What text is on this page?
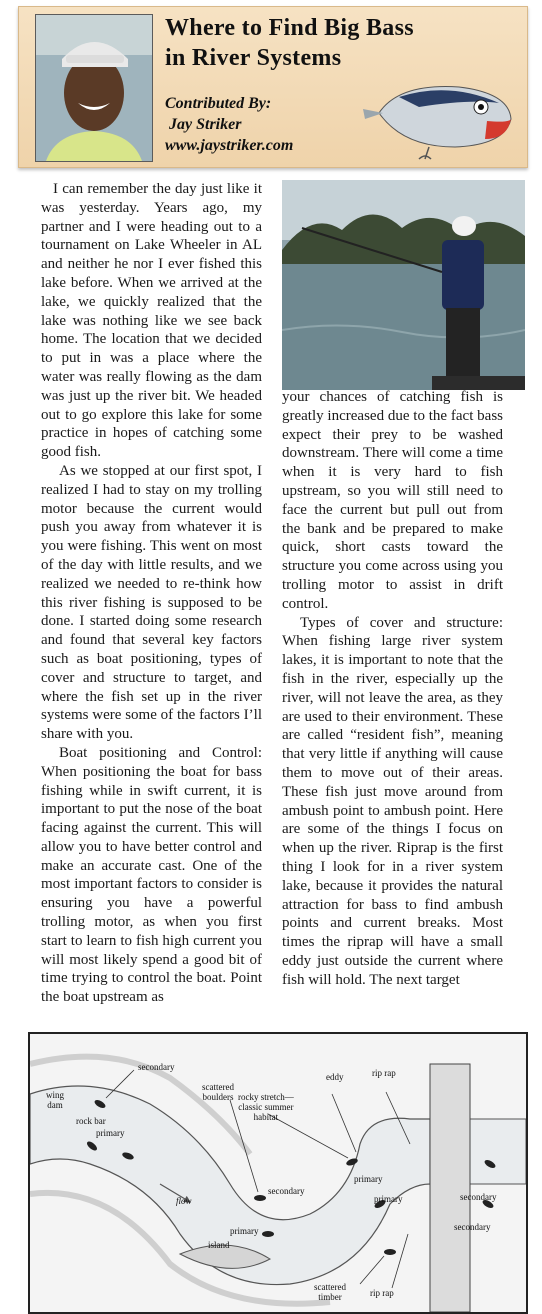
Where to Find Big Bass
in River Systems
Contributed By:
Jay Striker
www.jaystriker.com

I can remember the day just like it was yesterday. Years ago, my partner and I were heading out to a tournament on Lake Wheeler in AL and neither he nor I ever fished this lake before. When we arrived at the lake, we quickly realized that the lake was nothing like we see back home. The location that we decided to put in was a place where the water was really flowing as the dam was just up the river bit. We headed out to go explore this lake for some practice in hopes of catching some good fish.

As we stopped at our first spot, I realized I had to stay on my trolling motor because the current would push you away from whatever it is you were fishing. This went on most of the day with little results, and we realized we needed to re-think how this river fishing is supposed to be done. I started doing some research and found that several key factors such as boat positioning, types of cover and structure to target, and where the fish set up in the river systems were some of the factors I’ll share with you.

Boat positioning and Control: When positioning the boat for bass fishing while in swift current, it is important to put the nose of the boat facing against the current. This will allow you to have better control and make an accurate cast. One of the most important factors to consider is ensuring you have a powerful trolling motor, as when you first start to learn to fish high current you will most likely spend a good bit of time trying to control the boat. Point the boat upstream as

your chances of catching fish is greatly increased due to the fact bass expect their prey to be washed downstream. There will come a time when it is very hard to fish upstream, so you will still need to face the current but pull out from the bank and be prepared to make quick, short casts toward the structure you come across using you trolling motor to assist in drift control.

Types of cover and structure: When fishing large river system lakes, it is important to note that the fish in the river, especially up the river, will not leave the area, as they are used to their environment. These are called “resident fish”, meaning that very little if anything will cause them to move out of their areas. These fish just move around from ambush point to ambush point. Here are some of the things I focus on when up the river. Riprap is the first thing I look for in a river system lake, because it provides the natural attraction for bass to find ambush points and current breaks. Most times the riprap will have a small eddy just outside the current where fish will hold. The next target

secondary
wing
dam
rock bar
primary
scattered
boulders rocky stretch—
classic summer
habitat
eddy	rip rap
secondary
primary
primary	secondary
secondary
flow
primary
island
scattered
timber	rip rap
